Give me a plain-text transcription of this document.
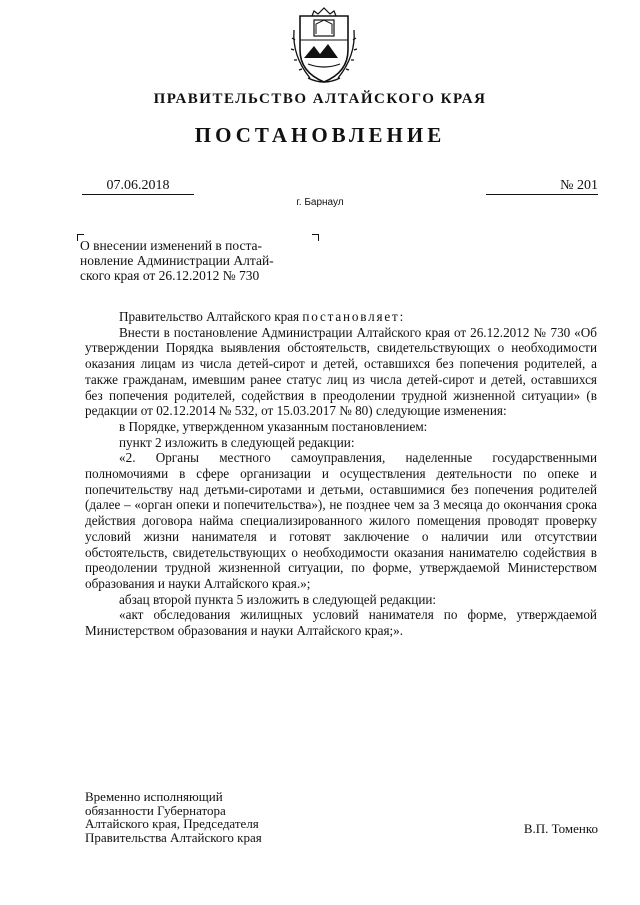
ПРАВИТЕЛЬСТВО АЛТАЙСКОГО КРАЯ
ПОСТАНОВЛЕНИЕ
07.06.2018	№ 201
г. Барнаул
О внесении изменений в поста-
новление Администрации Алтай-
ского края от 26.12.2012 № 730

Правительство Алтайского края постановляет:

Внести в постановление Администрации Алтайского края от 26.12.2012 № 730 «Об утверждении Порядка выявления обстоятельств, свидетельствующих о необходимости оказания лицам из числа детей-сирот и детей, оставшихся без попечения родителей, а также гражданам, имевшим ранее статус лиц из числа детей-сирот и детей, оставшихся без попечения родителей, содействия в преодолении трудной жизненной ситуации» (в редакции от 02.12.2014 № 532, от 15.03.2017 № 80) следующие изменения:

в Порядке, утвержденном указанным постановлением:

пункт 2 изложить в следующей редакции:

«2. Органы местного самоуправления, наделенные государственными полномочиями в сфере организации и осуществления деятельности по опеке и попечительству над детьми-сиротами и детьми, оставшимися без попечения родителей (далее – «орган опеки и попечительства»), не позднее чем за 3 месяца до окончания срока действия договора найма специализированного жилого помещения проводят проверку условий жизни нанимателя и готовят заключение о наличии или отсутствии обстоятельств, свидетельствующих о необходимости оказания нанимателю содействия в преодолении трудной жизненной ситуации, по форме, утверждаемой Министерством образования и науки Алтайского края.»;

абзац второй пункта 5 изложить в следующей редакции:

«акт обследования жилищных условий нанимателя по форме, утверждаемой Министерством образования и науки Алтайского края;».

Временно исполняющий
обязанности Губернатора
Алтайского края, Председателя
Правительства Алтайского края
В.П. Томенко
